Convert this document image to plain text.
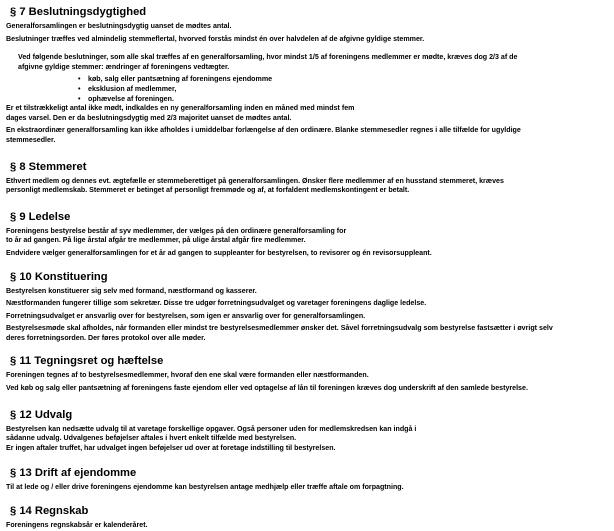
§ 7 Beslutningsdygtighed
Generalforsamlingen er beslutningsdygtig uanset de mødtes antal.
Beslutninger træffes ved almindelig stemmeflertal, hvorved forstås mindst én over halvdelen af de afgivne gyldige stemmer.
Ved følgende beslutninger, som alle skal træffes af en generalforsamling, hvor mindst 1/5 af foreningens medlemmer er mødte, kræves dog 2/3 af de
afgivne gyldige stemmer: ændringer af foreningens vedtægter.
• køb, salg eller pantsætning af foreningens ejendomme
• eksklusion af medlemmer,
• ophævelse af foreningen.
Er et tilstrækkeligt antal ikke mødt, indkaldes en ny generalforsamling inden en måned med mindst fem
dages varsel. Den er da beslutningsdygtig med 2/3 majoritet uanset de mødtes antal.
En ekstraordinær generalforsamling kan ikke afholdes i umiddelbar forlængelse af den ordinære. Blanke stemmesedler regnes i alle tilfælde for ugyldige
stemmesedler.
§ 8 Stemmeret
Ethvert medlem og dennes evt. ægtefælle er stemmeberettiget på generalforsamlingen. Ønsker flere medlemmer af en husstand stemmeret, kræves
personligt medlemskab. Stemmeret er betinget af personligt fremmøde og af, at forfaldent medlemskontingent er betalt.
§ 9 Ledelse
Foreningens bestyrelse består af syv medlemmer, der vælges på den ordinære generalforsamling for
to år ad gangen. På lige årstal afgår tre medlemmer, på ulige årstal afgår fire medlemmer.
Endvidere vælger generalforsamlingen for et år ad gangen to suppleanter for bestyrelsen, to revisorer og én revisorsuppleant.
§ 10 Konstituering
Bestyrelsen konstituerer sig selv med formand, næstformand og kasserer.
Næstformanden fungerer tillige som sekretær. Disse tre udgør forretningsudvalget og varetager foreningens daglige ledelse.
Forretningsudvalget er ansvarlig over for bestyrelsen, som igen er ansvarlig over for generalforsamlingen.
Bestyrelsesmøde skal afholdes, når formanden eller mindst tre bestyrelsesmedlemmer ønsker det. Såvel forretningsudvalg som bestyrelse fastsætter i øvrigt selv
deres forretningsorden. Der føres protokol over alle møder.
§ 11 Tegningsret og hæftelse
Foreningen tegnes af to bestyrelsesmedlemmer, hvoraf den ene skal være formanden eller næstformanden.
Ved køb og salg eller pantsætning af foreningens faste ejendom eller ved optagelse af lån til foreningen kræves dog underskrift af den samlede bestyrelse.
§ 12 Udvalg
Bestyrelsen kan nedsætte udvalg til at varetage forskellige opgaver. Også personer uden for medlemskredsen kan indgå i
sådanne udvalg. Udvalgenes beføjelser aftales i hvert enkelt tilfælde med bestyrelsen.
Er ingen aftaler truffet, har udvalget ingen beføjelser ud over at foretage indstilling til bestyrelsen.
§ 13 Drift af ejendomme
Til at lede og / eller drive foreningens ejendomme kan bestyrelsen antage medhjælp eller træffe aftale om forpagtning.
§ 14 Regnskab
Foreningens regnskabsår er kalenderåret.
